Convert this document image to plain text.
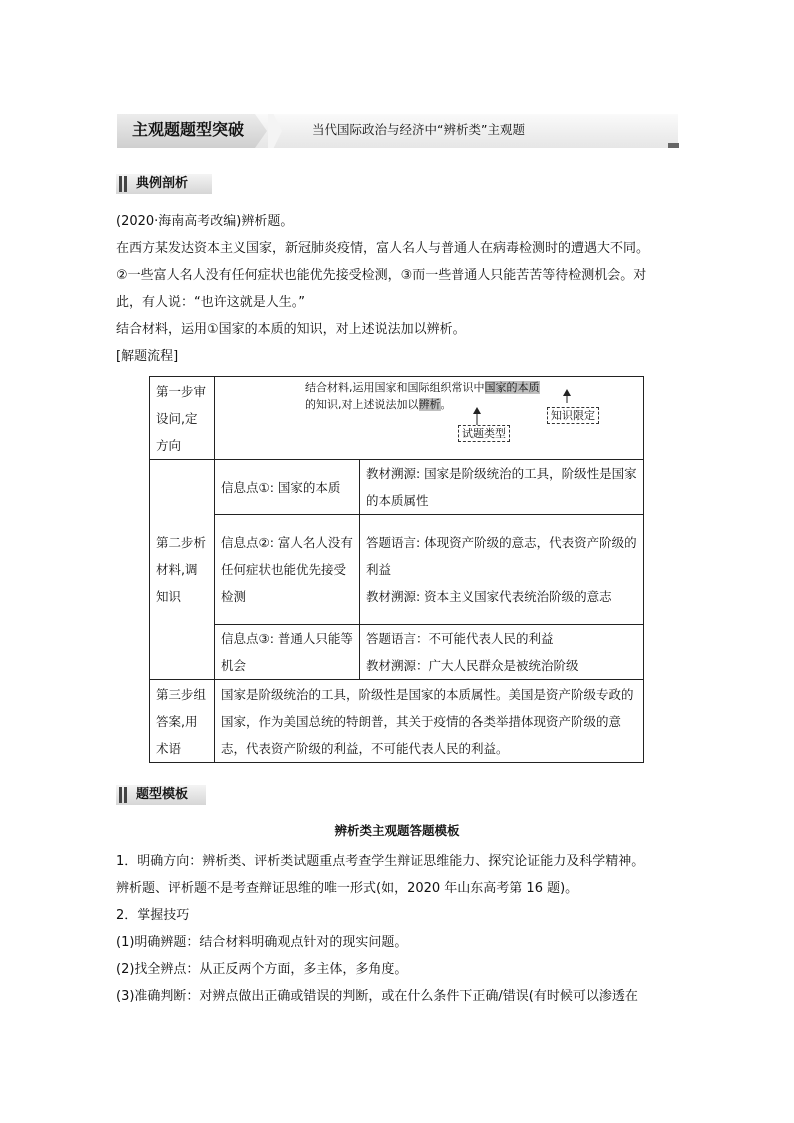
主观题题型突破	当代国际政治与经济中“辨析类”主观题
典例剖析
(2020·海南高考改编)辨析题。
在西方某发达资本主义国家，新冠肺炎疫情，富人名人与普通人在病毒检测时的遭遇大不同。
②一些富人名人没有任何症状也能优先接受检测，③而一些普通人只能苦苦等待检测机会。对
此，有人说：“也许这就是人生。”
结合材料，运用①国家的本质的知识，对上述说法加以辨析。
[解题流程]
第一步审设问,定方向	结合材料,运用国家和国际组织常识中国家的本质
的知识,对上述说法加以辨析。
试题类型
知识限定	

第二步析材料,调知识	信息点①: 国家的本质	教材溯源: 国家是阶级统治的工具，阶级性是国家的本质属性
	信息点②: 富人名人没有任何症状也能优先接受检测	答题语言: 体现资产阶级的意志，代表资产阶级的利益
教材溯源: 资本主义国家代表统治阶级的意志

	信息点③: 普通人只能等机会	答题语言：不可能代表人民的利益
教材溯源：广大人民群众是被统治阶级

第三步组答案,用术语	国家是阶级统治的工具，阶级性是国家的本质属性。美国是资产阶级专政的国家，作为美国总统的特朗普，其关于疫情的各类举措体现资产阶级的意志，代表资产阶级的利益，不可能代表人民的利益。	
题型模板
辨析类主观题答题模板
1．明确方向：辨析类、评析类试题重点考查学生辩证思维能力、探究论证能力及科学精神。
辨析题、评析题不是考查辩证思维的唯一形式(如，2020 年山东高考第 16 题)。
2．掌握技巧
(1)明确辨题：结合材料明确观点针对的现实问题。
(2)找全辨点：从正反两个方面，多主体，多角度。
(3)准确判断：对辨点做出正确或错误的判断，或在什么条件下正确/错误(有时候可以渗透在
